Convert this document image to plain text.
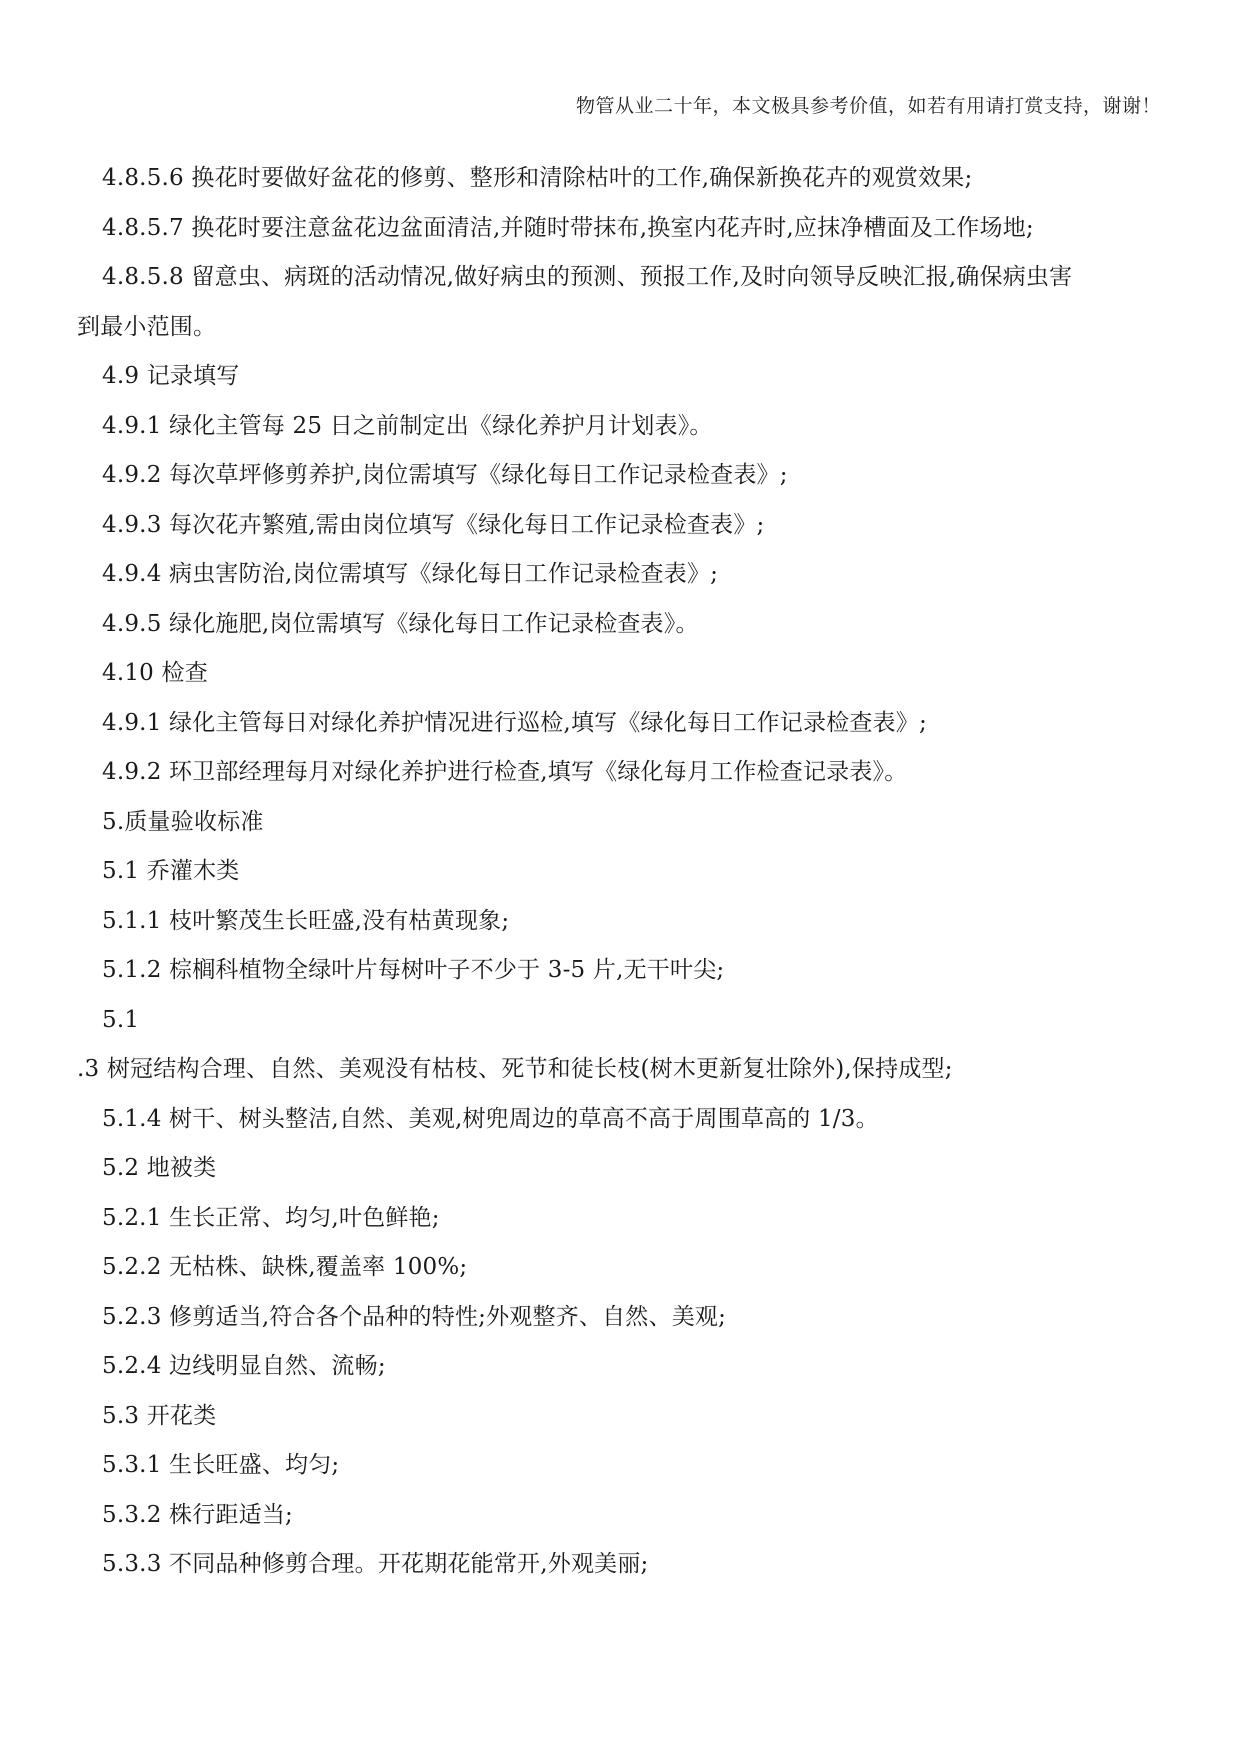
物管从业二十年，本文极具参考价值，如若有用请打赏支持，谢谢！
4.8.5.6 换花时要做好盆花的修剪、整形和清除枯叶的工作,确保新换花卉的观赏效果;
4.8.5.7 换花时要注意盆花边盆面清洁,并随时带抹布,换室内花卉时,应抹净槽面及工作场地;
4.8.5.8 留意虫、病斑的活动情况,做好病虫的预测、预报工作,及时向领导反映汇报,确保病虫害
到最小范围。
4.9 记录填写
4.9.1 绿化主管每 25 日之前制定出《绿化养护月计划表》。
4.9.2 每次草坪修剪养护,岗位需填写《绿化每日工作记录检查表》;
4.9.3 每次花卉繁殖,需由岗位填写《绿化每日工作记录检查表》;
4.9.4 病虫害防治,岗位需填写《绿化每日工作记录检查表》;
4.9.5 绿化施肥,岗位需填写《绿化每日工作记录检查表》。
4.10 检查
4.9.1 绿化主管每日对绿化养护情况进行巡检,填写《绿化每日工作记录检查表》;
4.9.2 环卫部经理每月对绿化养护进行检查,填写《绿化每月工作检查记录表》。
5.质量验收标准
5.1 乔灌木类
5.1.1 枝叶繁茂生长旺盛,没有枯黄现象;
5.1.2 棕榈科植物全绿叶片每树叶子不少于 3-5 片,无干叶尖;
5.1
.3 树冠结构合理、自然、美观没有枯枝、死节和徒长枝(树木更新复壮除外),保持成型;
5.1.4 树干、树头整洁,自然、美观,树兜周边的草高不高于周围草高的 1/3。
5.2 地被类
5.2.1 生长正常、均匀,叶色鲜艳;
5.2.2 无枯株、缺株,覆盖率 100%;
5.2.3 修剪适当,符合各个品种的特性;外观整齐、自然、美观;
5.2.4 边线明显自然、流畅;
5.3 开花类
5.3.1 生长旺盛、均匀;
5.3.2 株行距适当;
5.3.3 不同品种修剪合理。开花期花能常开,外观美丽;
